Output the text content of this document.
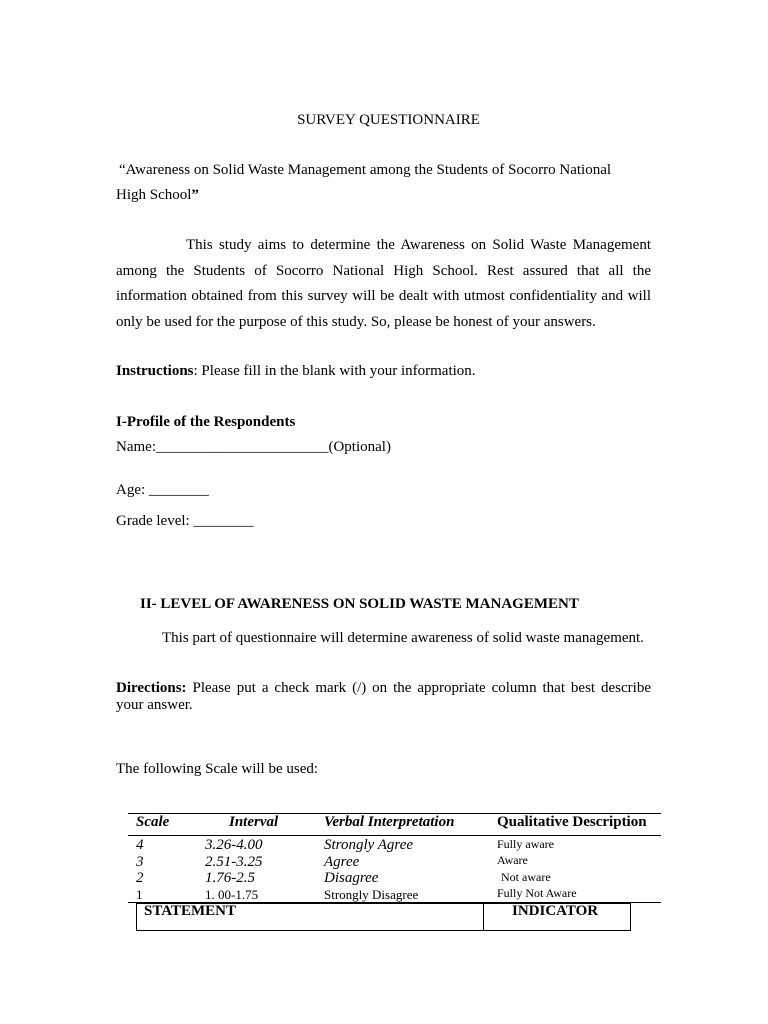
SURVEY QUESTIONNAIRE
“Awareness on Solid Waste Management among the Students of Socorro National
High School”
This study aims to determine the Awareness on Solid Waste Management among the Students of Socorro National High School. Rest assured that all the information obtained from this survey will be dealt with utmost confidentiality and will only be used for the purpose of this study. So, please be honest of your answers.
Instructions: Please fill in the blank with your information.
I-Profile of the Respondents
Name:_______________________(Optional)
Age: ________
Grade level: ________
II- LEVEL OF AWARENESS ON SOLID WASTE MANAGEMENT
This part of questionnaire will determine awareness of solid waste management.
Directions: Please put a check mark (/) on the appropriate column that best describe your answer.
The following Scale will be used:
Scale	Interval	Verbal Interpretation	Qualitative Description
4	3.26-4.00	Strongly Agree	Fully aware
3	2.51-3.25	Agree	Aware
2	1.76-2.5	Disagree	Not aware
1	1. 00-1.75	Strongly Disagree	Fully Not Aware
STATEMENT	INDICATOR
